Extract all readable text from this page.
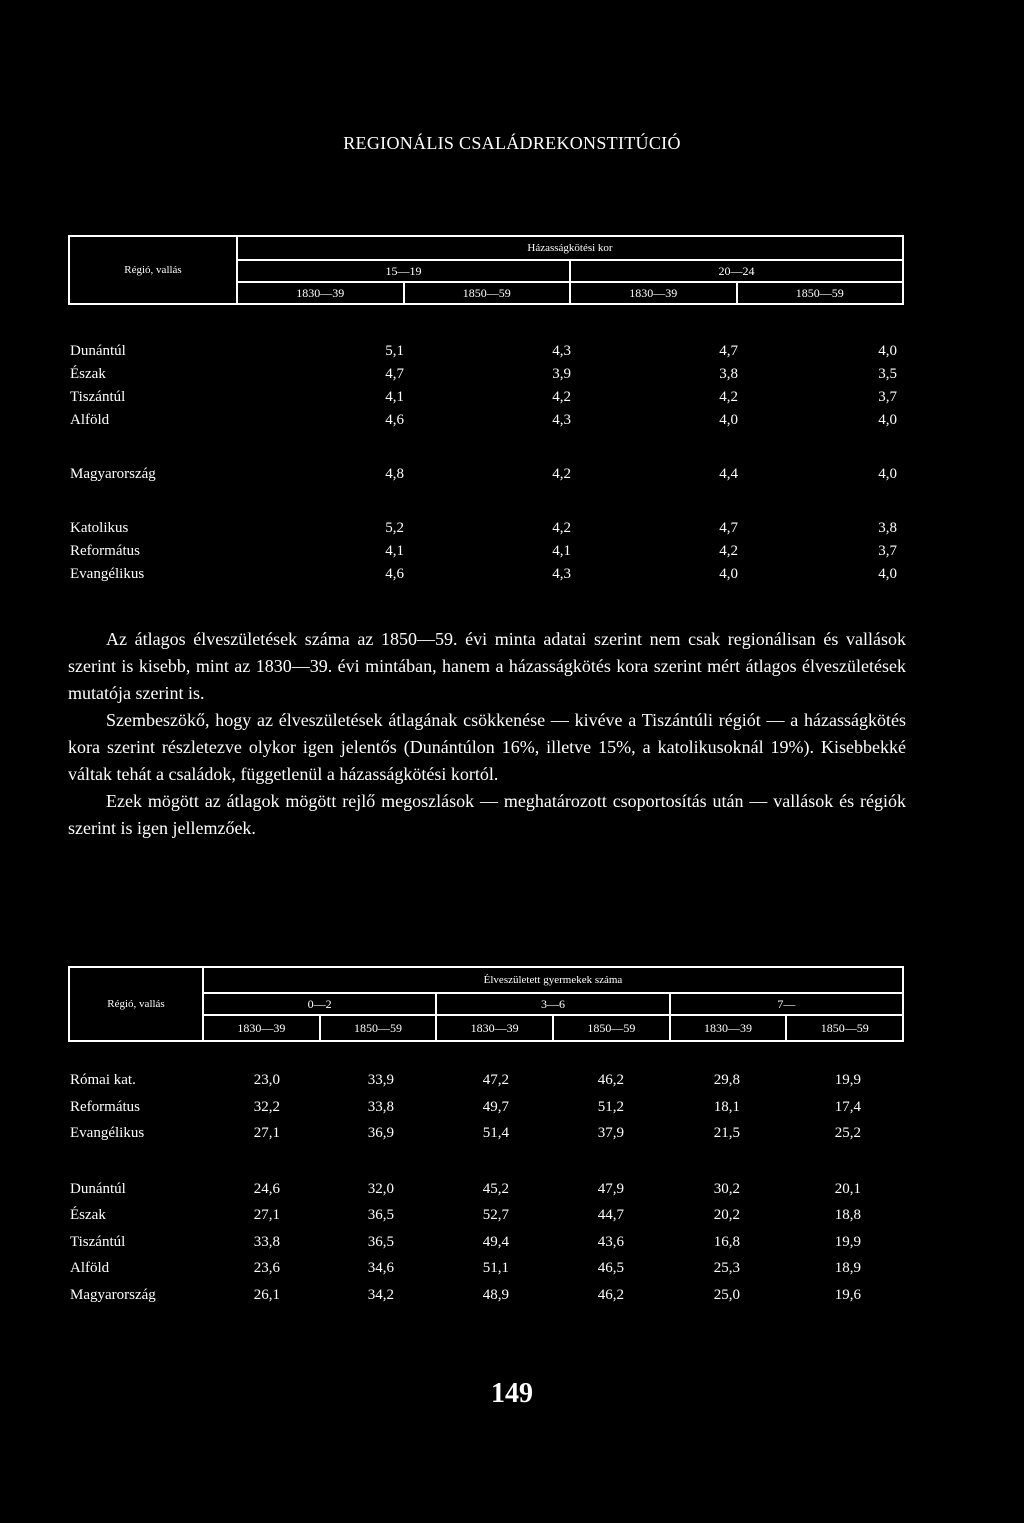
REGIONÁLIS CSALÁDREKONSTITÚCIÓ
Régió, vallás
Házasságkötési kor
15—19	20—24
1830—39	1850—59	1830—39	1850—59
Dunántúl	5,1	4,3	4,7	4,0
Észak	4,7	3,9	3,8	3,5
Tiszántúl	4,1	4,2	4,2	3,7
Alföld	4,6	4,3	4,0	4,0
Magyarország	4,8	4,2	4,4	4,0
Katolikus	5,2	4,2	4,7	3,8
Református	4,1	4,1	4,2	3,7
Evangélikus	4,6	4,3	4,0	4,0

Az átlagos élveszületések száma az 1850—59. évi minta adatai szerint nem csak regionálisan és vallások szerint is kisebb, mint az 1830—39. évi mintában, hanem a házasságkötés kora szerint mért átlagos élveszületések mutatója szerint is.

Szembeszökő, hogy az élveszületések átlagának csökkenése — kivéve a Tiszántúli régiót — a házasságkötés kora szerint részletezve olykor igen jelentős (Dunántúlon 16%, illetve 15%, a katolikusoknál 19%). Kisebbekké váltak tehát a családok, függetlenül a házasságkötési kortól.

Ezek mögött az átlagok mögött rejlő megoszlások — meghatározott csoportosítás után — vallások és régiók szerint is igen jellemzőek.

Régió, vallás
Élveszületett gyermekek száma
0—2	3—6	7—
1830—39	1850—59	1830—39	1850—59	1830—39	1850—59
Római kat.	23,0	33,9	47,2	46,2	29,8	19,9
Református	32,2	33,8	49,7	51,2	18,1	17,4
Evangélikus	27,1	36,9	51,4	37,9	21,5	25,2
Dunántúl	24,6	32,0	45,2	47,9	30,2	20,1
Észak	27,1	36,5	52,7	44,7	20,2	18,8
Tiszántúl	33,8	36,5	49,4	43,6	16,8	19,9
Alföld	23,6	34,6	51,1	46,5	25,3	18,9
Magyarország	26,1	34,2	48,9	46,2	25,0	19,6
149
